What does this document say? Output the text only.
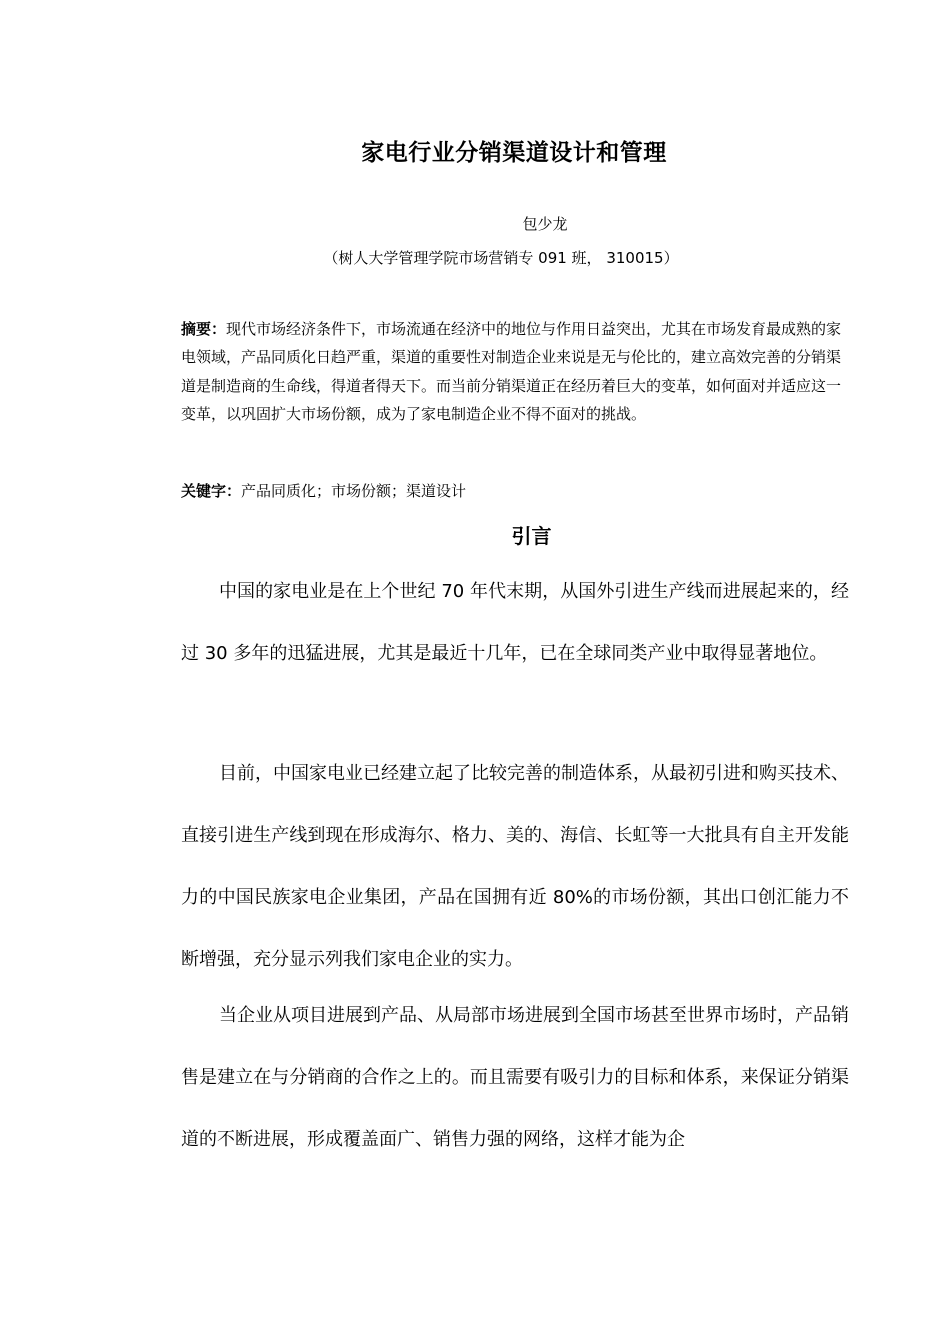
家电行业分销渠道设计和管理
包少龙
（树人大学管理学院市场营销专 091 班， 310015）
摘要：现代市场经济条件下，市场流通在经济中的地位与作用日益突出，尤其在市场发育最成熟的家电领域，产品同质化日趋严重，渠道的重要性对制造企业来说是无与伦比的，建立高效完善的分销渠道是制造商的生命线，得道者得天下。而当前分销渠道正在经历着巨大的变革，如何面对并适应这一变革，以巩固扩大市场份额，成为了家电制造企业不得不面对的挑战。
关键字：产品同质化；市场份额；渠道设计
引言

中国的家电业是在上个世纪 70 年代末期，从国外引进生产线而进展起来的，经过 30 多年的迅猛进展，尤其是最近十几年，已在全球同类产业中取得显著地位。

目前，中国家电业已经建立起了比较完善的制造体系，从最初引进和购买技术、直接引进生产线到现在形成海尔、格力、美的、海信、长虹等一大批具有自主开发能力的中国民族家电企业集团，产品在国拥有近 80%的市场份额，其出口创汇能力不断增强，充分显示列我们家电企业的实力。

当企业从项目进展到产品、从局部市场进展到全国市场甚至世界市场时，产品销售是建立在与分销商的合作之上的。而且需要有吸引力的目标和体系，来保证分销渠道的不断进展，形成覆盖面广、销售力强的网络，这样才能为企
